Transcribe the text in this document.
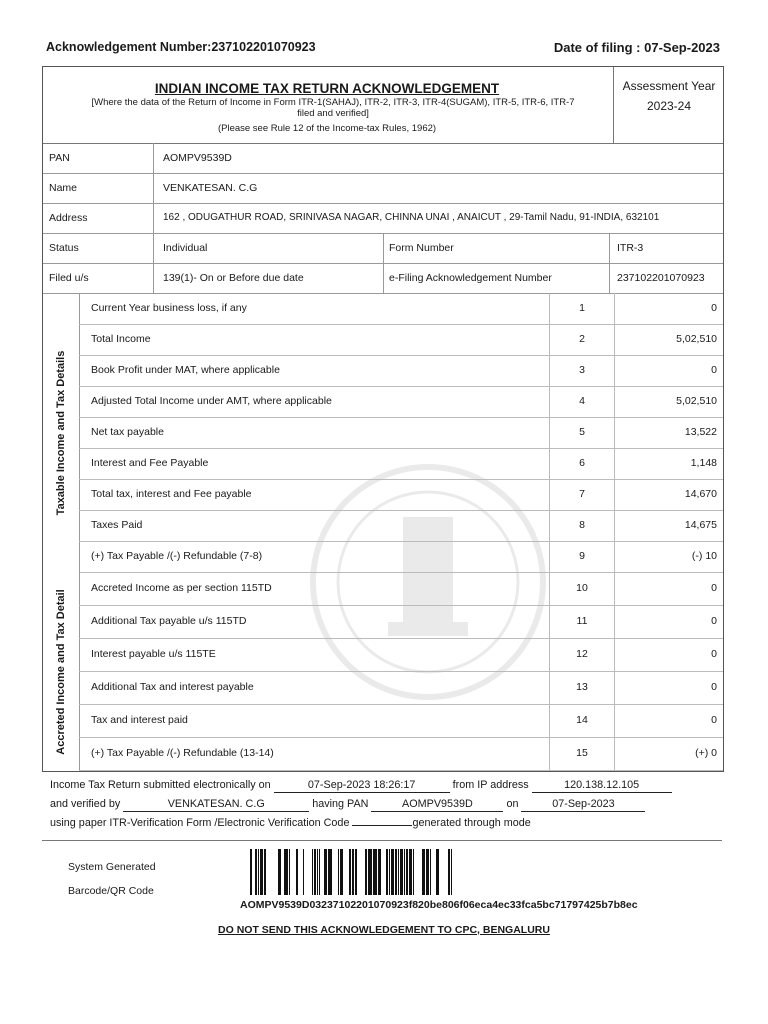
Acknowledgement Number:237102201070923	Date of filing : 07-Sep-2023
INDIAN INCOME TAX RETURN ACKNOWLEDGEMENT
[Where the data of the Return of Income in Form ITR-1(SAHAJ), ITR-2, ITR-3, ITR-4(SUGAM), ITR-5, ITR-6, ITR-7
filed and verified]
(Please see Rule 12 of the Income-tax Rules, 1962)
Assessment Year
2023-24
PAN	AOMPV9539D
Name	VENKATESAN. C.G
Address	162 , ODUGATHUR ROAD, SRINIVASA NAGAR, CHINNA UNAI , ANAICUT , 29-Tamil Nadu, 91-INDIA, 632101
Status	Individual	Form Number	ITR-3
Filed u/s	139(1)- On or Before due date	e-Filing Acknowledgement Number	237102201070923
Taxable Income and Tax Details
Current Year business loss, if any	1	0
Total Income	2	5,02,510
Book Profit under MAT, where applicable	3	0
Adjusted Total Income under AMT, where applicable	4	5,02,510
Net tax payable	5	13,522
Interest and Fee Payable	6	1,148
Total tax, interest and Fee payable	7	14,670
Taxes Paid	8	14,675
(+) Tax Payable /(-) Refundable (7-8)	9	(-) 10
Accreted Income and Tax Detail
Accreted Income as per section 115TD	10	0
Additional Tax payable u/s 115TD	11	0
Interest payable u/s 115TE	12	0
Additional Tax and interest payable	13	0
Tax and interest paid	14	0
(+) Tax Payable /(-) Refundable (13-14)	15	(+) 0
Income Tax Return submitted electronically on	07-Sep-2023 18:26:17	from IP address	120.138.12.105
and verified by	VENKATESAN. C.G	having PAN	AOMPV9539D	on	07-Sep-2023
using paper ITR-Verification Form /Electronic Verification Code	generated through mode
System Generated
Barcode/QR Code
AOMPV9539D03237102201070923f820be806f06eca4ec33fca5bc71797425b7b8ec
DO NOT SEND THIS ACKNOWLEDGEMENT TO CPC, BENGALURU
